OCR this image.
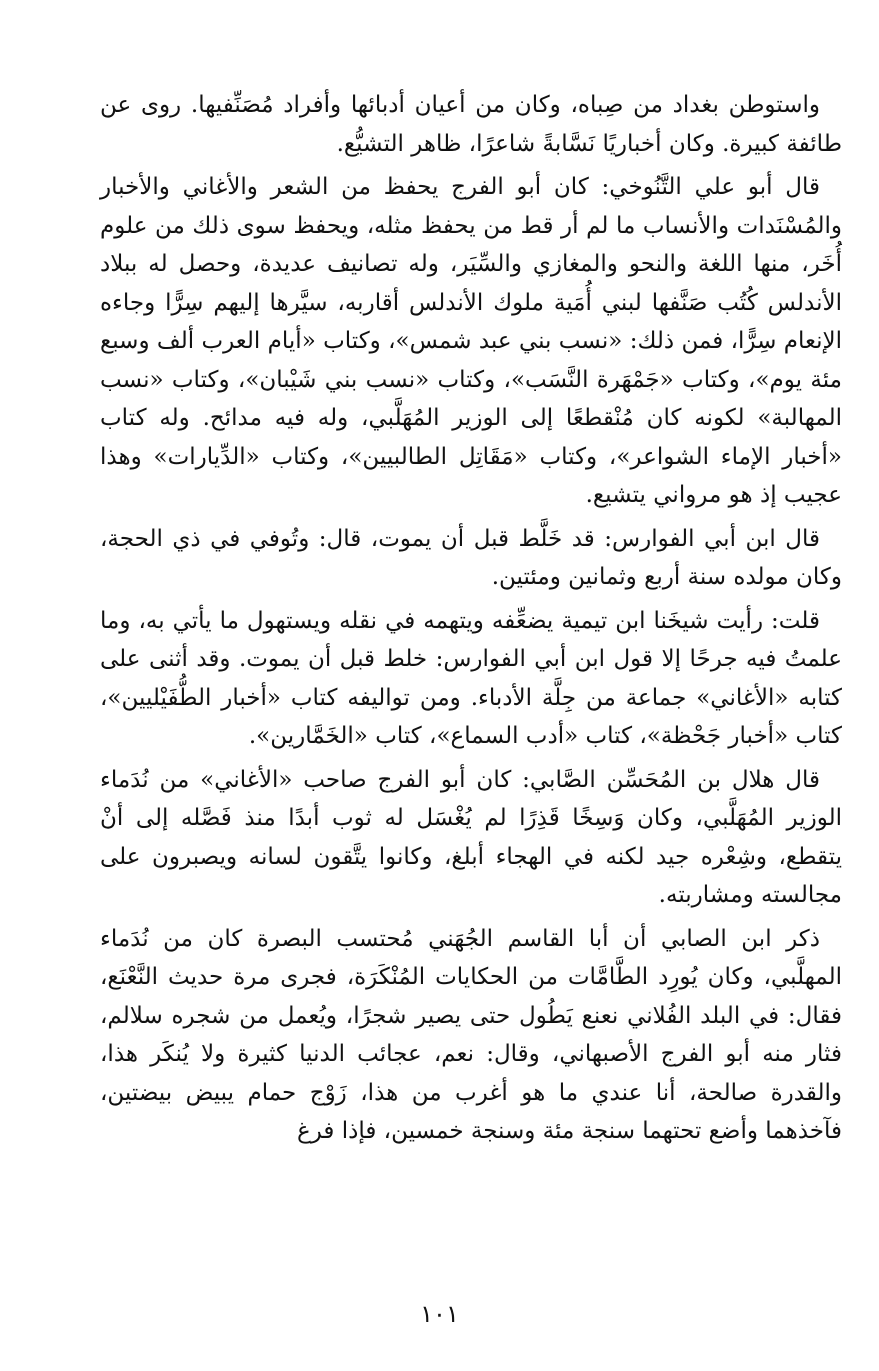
واستوطن بغداد من صِباه، وكان من أعيان أدبائها وأفراد مُصَنِّفيها. روى عن طائفة كبيرة. وكان أخباريًا نَسَّابةً شاعرًا، ظاهر التشيُّع.

قال أبو علي التَّنُوخي: كان أبو الفرج يحفظ من الشعر والأغاني والأخبار والمُسْنَدات والأنساب ما لم أر قط من يحفظ مثله، ويحفظ سوى ذلك من علوم أُخَر، منها اللغة والنحو والمغازي والسِّيَر، وله تصانيف عديدة، وحصل له ببلاد الأندلس كُتُب صَنَّفها لبني أُمَية ملوك الأندلس أقاربه، سيَّرها إليهم سِرًّا وجاءه الإنعام سِرًّا، فمن ذلك: «نسب بني عبد شمس»، وكتاب «أيام العرب ألف وسبع مئة يوم»، وكتاب «جَمْهَرة النَّسَب»، وكتاب «نسب بني شَيْبان»، وكتاب «نسب المهالبة» لكونه كان مُنْقطعًا إلى الوزير المُهَلَّبي، وله فيه مدائح. وله كتاب «أخبار الإماء الشواعر»، وكتاب «مَقَاتِل الطالبيين»، وكتاب «الدِّيارات» وهذا عجيب إذ هو مرواني يتشيع.

قال ابن أبي الفوارس: قد خَلَّط قبل أن يموت، قال: وتُوفي في ذي الحجة، وكان مولده سنة أربع وثمانين ومئتين.

قلت: رأيت شيخَنا ابن تيمية يضعِّفه ويتهمه في نقله ويستهول ما يأتي به، وما علمتُ فيه جرحًا إلا قول ابن أبي الفوارس: خلط قبل أن يموت. وقد أثنى على كتابه «الأغاني» جماعة من جِلَّة الأدباء. ومن تواليفه كتاب «أخبار الطُّفَيْليين»، كتاب «أخبار جَحْظة»، كتاب «أدب السماع»، كتاب «الخَمَّارين».

قال هلال بن المُحَسِّن الصَّابي: كان أبو الفرج صاحب «الأغاني» من نُدَماء الوزير المُهَلَّبي، وكان وَسِخًا قَذِرًا لم يُغْسَل له ثوب أبدًا منذ فَصَّله إلى أنْ يتقطع، وشِعْره جيد لكنه في الهجاء أبلغ، وكانوا يتَّقون لسانه ويصبرون على مجالسته ومشاربته.

ذكر ابن الصابي أن أبا القاسم الجُهَني مُحتسب البصرة كان من نُدَماء المهلَّبي، وكان يُورِد الطَّامَّات من الحكايات المُنْكَرَة، فجرى مرة حديث النَّعْنَع، فقال: في البلد الفُلاني نعنع يَطُول حتى يصير شجرًا، ويُعمل من شجره سلالم، فثار منه أبو الفرج الأصبهاني، وقال: نعم، عجائب الدنيا كثيرة ولا يُنكَر هذا، والقدرة صالحة، أنا عندي ما هو أغرب من هذا، زَوْج حمام يبيض بيضتين، فآخذهما وأضع تحتهما سنجة مئة وسنجة خمسين، فإذا فرغ

١٠١
